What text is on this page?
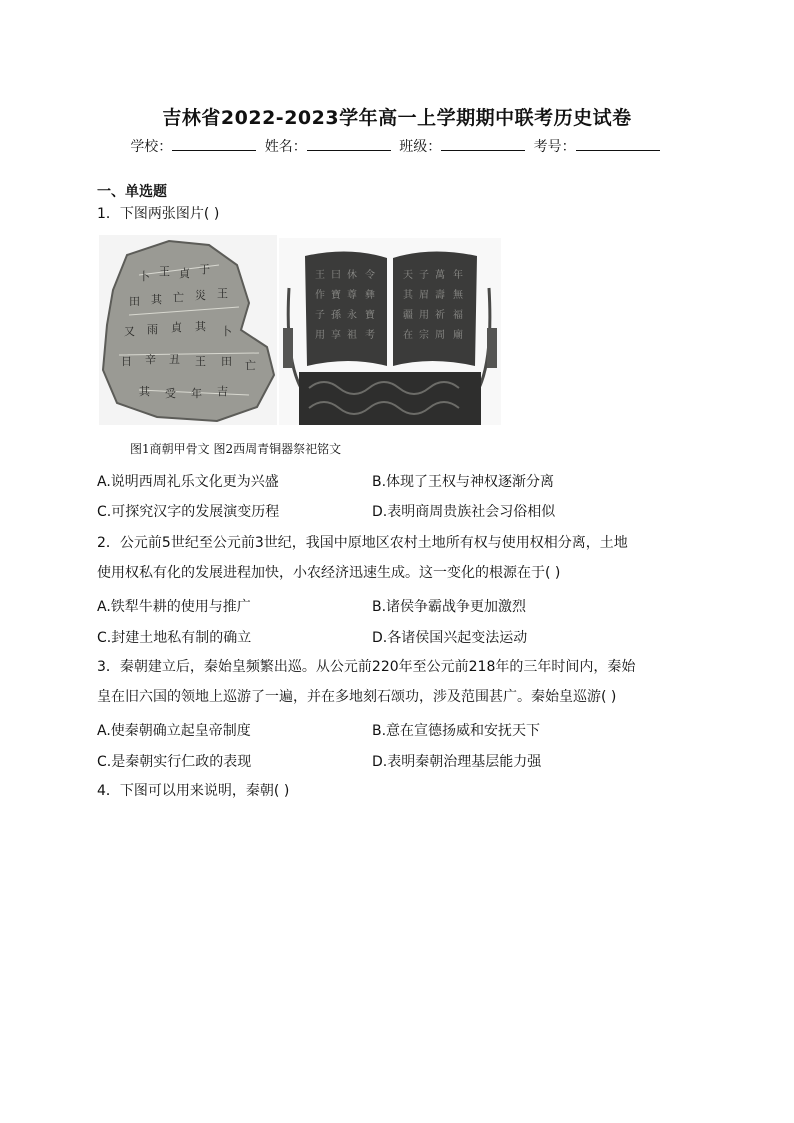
吉林省2022-2023学年高一上学期期中联考历史试卷
学校：	姓名：	班级：	考号：
一、单选题
1．下图两张图片( )
卜 王 貞 于
田 其 亡 災 王
又 雨 貞 其 卜
日 辛 丑 王 田 亡
其 受 年 吉
王 曰 休 令
作 寶 尊 彝
子 孫 永 寶
用 享 祖 考
天 子 萬 年
其 眉 壽 無
疆 用 祈 福
在 宗 周 廟
图1商朝甲骨文 图2西周青铜器祭祀铭文
A.说明西周礼乐文化更为兴盛	B.体现了王权与神权逐渐分离
C.可探究汉字的发展演变历程	D.表明商周贵族社会习俗相似
2．公元前5世纪至公元前3世纪，我国中原地区农村土地所有权与使用权相分离，土地
使用权私有化的发展进程加快，小农经济迅速生成。这一变化的根源在于( )
A.铁犁牛耕的使用与推广	B.诸侯争霸战争更加激烈
C.封建土地私有制的确立	D.各诸侯国兴起变法运动
3．秦朝建立后，秦始皇频繁出巡。从公元前220年至公元前218年的三年时间内，秦始
皇在旧六国的领地上巡游了一遍，并在多地刻石颂功，涉及范围甚广。秦始皇巡游( )
A.使秦朝确立起皇帝制度	B.意在宣德扬威和安抚天下
C.是秦朝实行仁政的表现	D.表明秦朝治理基层能力强
4．下图可以用来说明，秦朝( )
